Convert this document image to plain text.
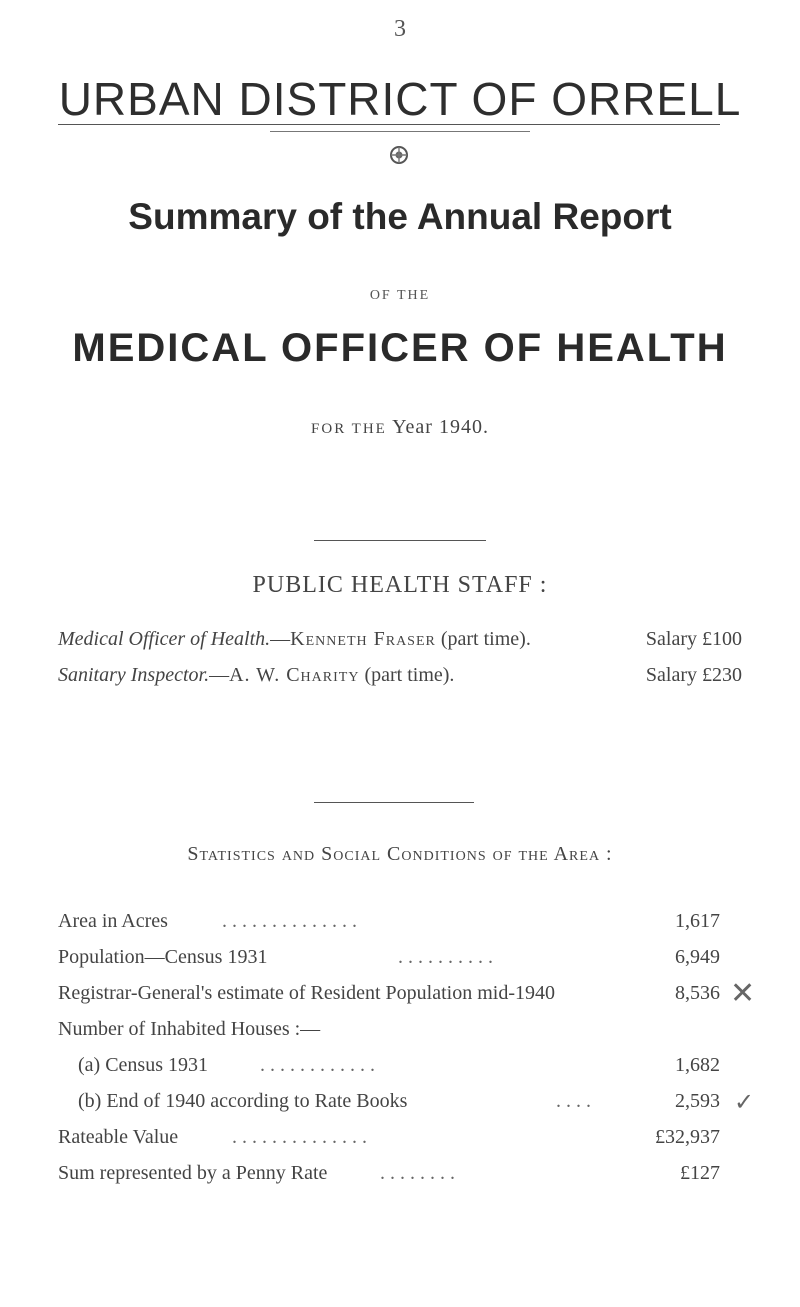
3
URBAN DISTRICT OF ORRELL
Summary of the Annual Report
OF THE
MEDICAL OFFICER OF HEALTH
FOR THE Year 1940.
PUBLIC HEALTH STAFF :
Medical Officer of Health.—Kenneth Fraser (part time).	Salary £100
Sanitary Inspector.—A. W. Charity (part time).	Salary £230
Statistics and Social Conditions of the Area :
Area in Acres	. . . . . . . . . . . . . .	1,617
Population—Census 1931	. . . . . . . . . .	6,949
Registrar-General's estimate of Resident Population mid-1940	8,536 ✕
Number of Inhabited Houses :—
(a) Census 1931	. . . . . . . . . . . .	1,682
(b) End of 1940 according to Rate Books	. . . .	2,593 ✓
Rateable Value	. . . . . . . . . . . . . .	£32,937
Sum represented by a Penny Rate	. . . . . . . .	£127
